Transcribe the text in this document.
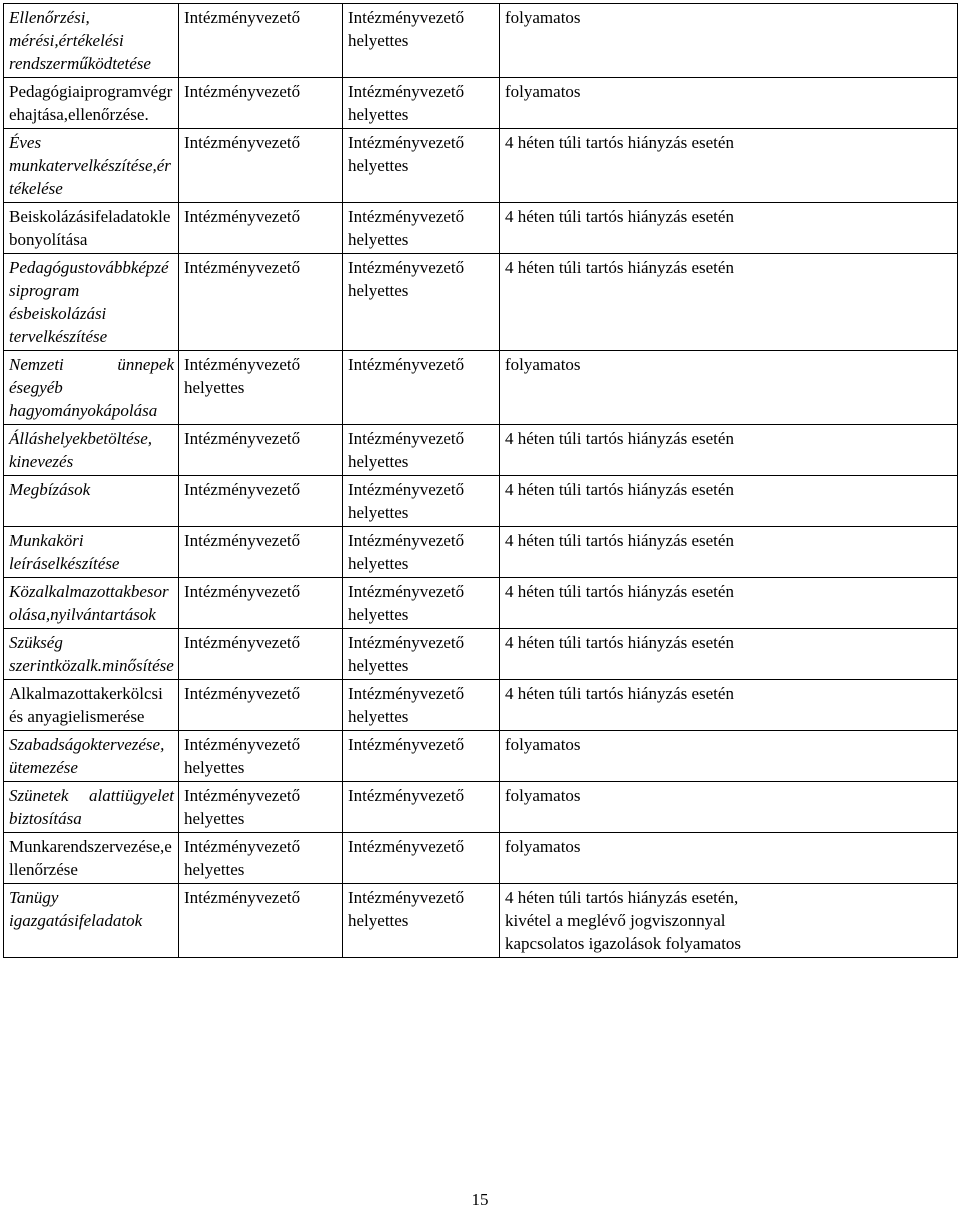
Ellenőrzési, mérési,értékelési rendszerműködtetése	Intézményvezető	Intézményvezető
helyettes	folyamatos

Pedagógiaiprogramvégrehajtása,ellenőrzése.	Intézményvezető	Intézményvezető
helyettes	folyamatos

Éves munkatervelkészítése,értékelése	Intézményvezető	Intézményvezető
helyettes	4 héten túli tartós hiányzás esetén

Beiskolázásifeladatoklebonyolítása	Intézményvezető	Intézményvezető
helyettes	4 héten túli tartós hiányzás esetén

Pedagógustovábbképzésiprogram ésbeiskolázási tervelkészítése	Intézményvezető	Intézményvezető
helyettes	4 héten túli tartós hiányzás esetén

Nemzeti ünnepek ésegyéb hagyományokápolása	Intézményvezető
helyettes	Intézményvezető	folyamatos

Álláshelyekbetöltése, kinevezés	Intézményvezető	Intézményvezető
helyettes	4 héten túli tartós hiányzás esetén

Megbízások	Intézményvezető	Intézményvezető
helyettes	4 héten túli tartós hiányzás esetén

Munkaköri leíráselkészítése	Intézményvezető	Intézményvezető
helyettes	4 héten túli tartós hiányzás esetén

Közalkalmazottakbesorolása,nyilvántartások	Intézményvezető	Intézményvezető
helyettes	4 héten túli tartós hiányzás esetén

Szükség szerintközalk.minősítése	Intézményvezető	Intézményvezető
helyettes	4 héten túli tartós hiányzás esetén

Alkalmazottakerkölcsi és anyagielismerése	Intézményvezető	Intézményvezető
helyettes	4 héten túli tartós hiányzás esetén

Szabadságoktervezése, ütemezése	Intézményvezető
helyettes	Intézményvezető	folyamatos

Szünetek alattiügyelet biztosítása	Intézményvezető
helyettes	Intézményvezető	folyamatos

Munkarendszervezése,ellenőrzése	Intézményvezető
helyettes	Intézményvezető	folyamatos

Tanügy igazgatásifeladatok	Intézményvezető	Intézményvezető
helyettes	4 héten túli tartós hiányzás esetén,
kivétel a meglévő jogviszonnyal
kapcsolatos igazolások folyamatos
15
